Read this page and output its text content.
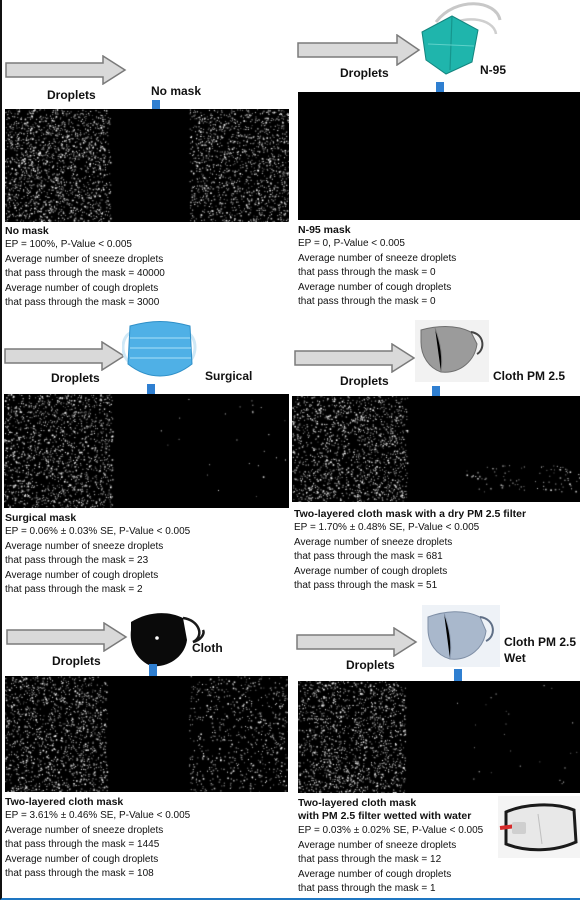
Droplets	No mask
No mask
EP = 100%, P-Value < 0.005
Average number of sneeze droplets
that pass through the mask = 40000
Average number of cough droplets
that pass through the mask = 3000
Droplets	N-95
N-95 mask
EP = 0, P-Value < 0.005
Average number of sneeze droplets
that pass through the mask = 0
Average number of cough droplets
that pass through the mask = 0
Droplets	Surgical
Surgical mask
EP = 0.06% ± 0.03% SE, P-Value < 0.005
Average number of sneeze droplets
that pass through the mask = 23
Average number of cough droplets
that pass through the mask = 2
Droplets	Cloth PM 2.5
Two-layered cloth mask with a dry PM 2.5 filter
EP = 1.70% ± 0.48% SE, P-Value < 0.005
Average number of sneeze droplets
that pass through the mask = 681
Average number of cough droplets
that pass through the mask = 51
Droplets
Cloth
Two-layered cloth mask
EP = 3.61% ± 0.46% SE, P-Value < 0.005
Average number of sneeze droplets
that pass through the mask = 1445
Average number of cough droplets
that pass through the mask = 108
Droplets
Cloth PM 2.5
Wet
Two-layered cloth mask
with PM 2.5 filter wetted with water
EP = 0.03% ± 0.02% SE, P-Value < 0.005
Average number of sneeze droplets
that pass through the mask = 12
Average number of cough droplets
that pass through the mask = 1
